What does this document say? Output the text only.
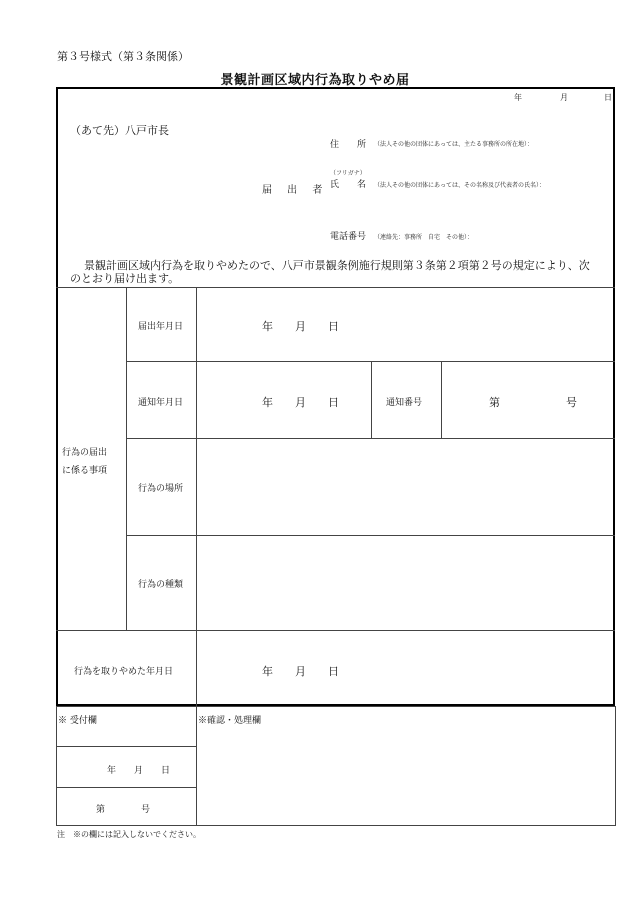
第３号様式（第３条関係）
景観計画区域内行為取りやめ届
年	月	日
（あて先）八戸市長
届 出 者
住　　所 （法人その他の団体にあっては、主たる事務所の所在地）：
（フリガナ）
氏　　名 （法人その他の団体にあっては、その名称及び代表者の氏名）：
電話番号 （連絡先：事務所　自宅　その他）：
景観計画区域内行為を取りやめたので、八戸市景観条例施行規則第３条第２項第２号の規定により、次
のとおり届け出ます。
行為の届出
に係る事項
届出年月日	年　　月　　日
通知年月日	年　　月　　日	通知番号	第　　　　　　号
行為の場所
行為の種類
行為を取りやめた年月日	年　　月　　日
※ 受付欄	※確認・処理欄
年　　月　　日
第　　　　号
注　※の欄には記入しないでください。
